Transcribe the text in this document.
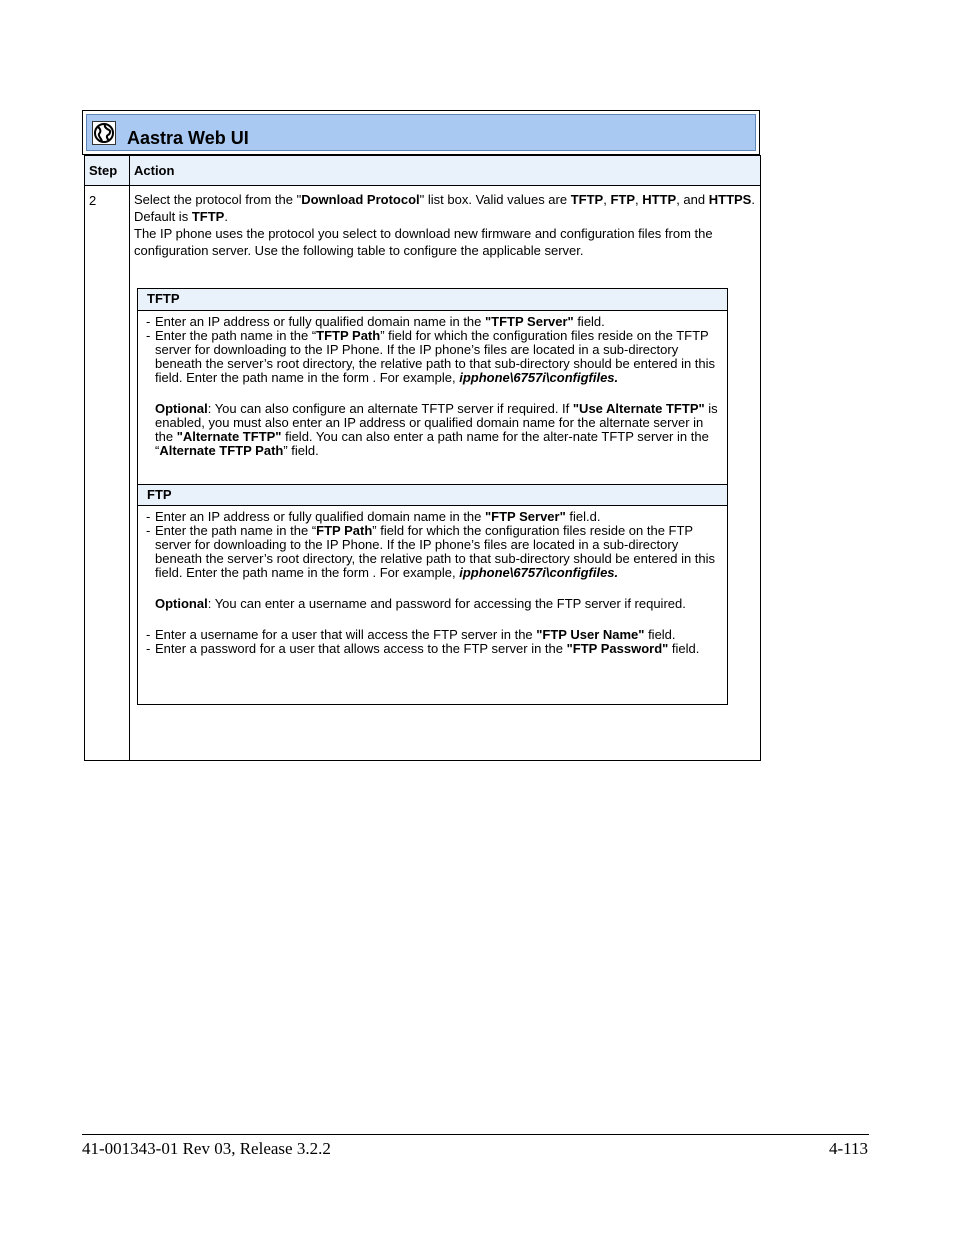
Aastra Web UI
Step	Action

2	Select the protocol from the "Download Protocol" list box. Valid values are TFTP, FTP, HTTP, and HTTPS. Default is TFTP.

The IP phone uses the protocol you select to download new firmware and configuration files from the configuration server. Use the following table to configure the applicable server.

TFTP

- Enter an IP address or fully qualified domain name in the "TFTP Server" field.

- Enter the path name in the “TFTP Path” field for which the configuration files reside on the TFTP server for downloading to the IP Phone. If the IP phone’s files are located in a sub-directory beneath the server’s root directory, the relative path to that sub-directory should be entered in this field. Enter the path name in the form . For example, ipphone\6757i\configfiles.

Optional: You can also configure an alternate TFTP server if required. If "Use Alternate TFTP" is enabled, you must also enter an IP address or qualified domain name for the alternate server in the "Alternate TFTP" field. You can also enter a path name for the alter-nate TFTP server in the “Alternate TFTP Path” field.

FTP

- Enter an IP address or fully qualified domain name in the "FTP Server" fiel.d.

- Enter the path name in the “FTP Path” field for which the configuration files reside on the FTP server for downloading to the IP Phone. If the IP phone’s files are located in a sub-directory beneath the server’s root directory, the relative path to that sub-directory should be entered in this field. Enter the path name in the form . For example, ipphone\6757i\configfiles.

Optional: You can enter a username and password for accessing the FTP server if required.

- Enter a username for a user that will access the FTP server in the "FTP User Name" field.

- Enter a password for a user that allows access to the FTP server in the "FTP Password" field.

41-001343-01 Rev 03, Release 3.2.2	4-113
